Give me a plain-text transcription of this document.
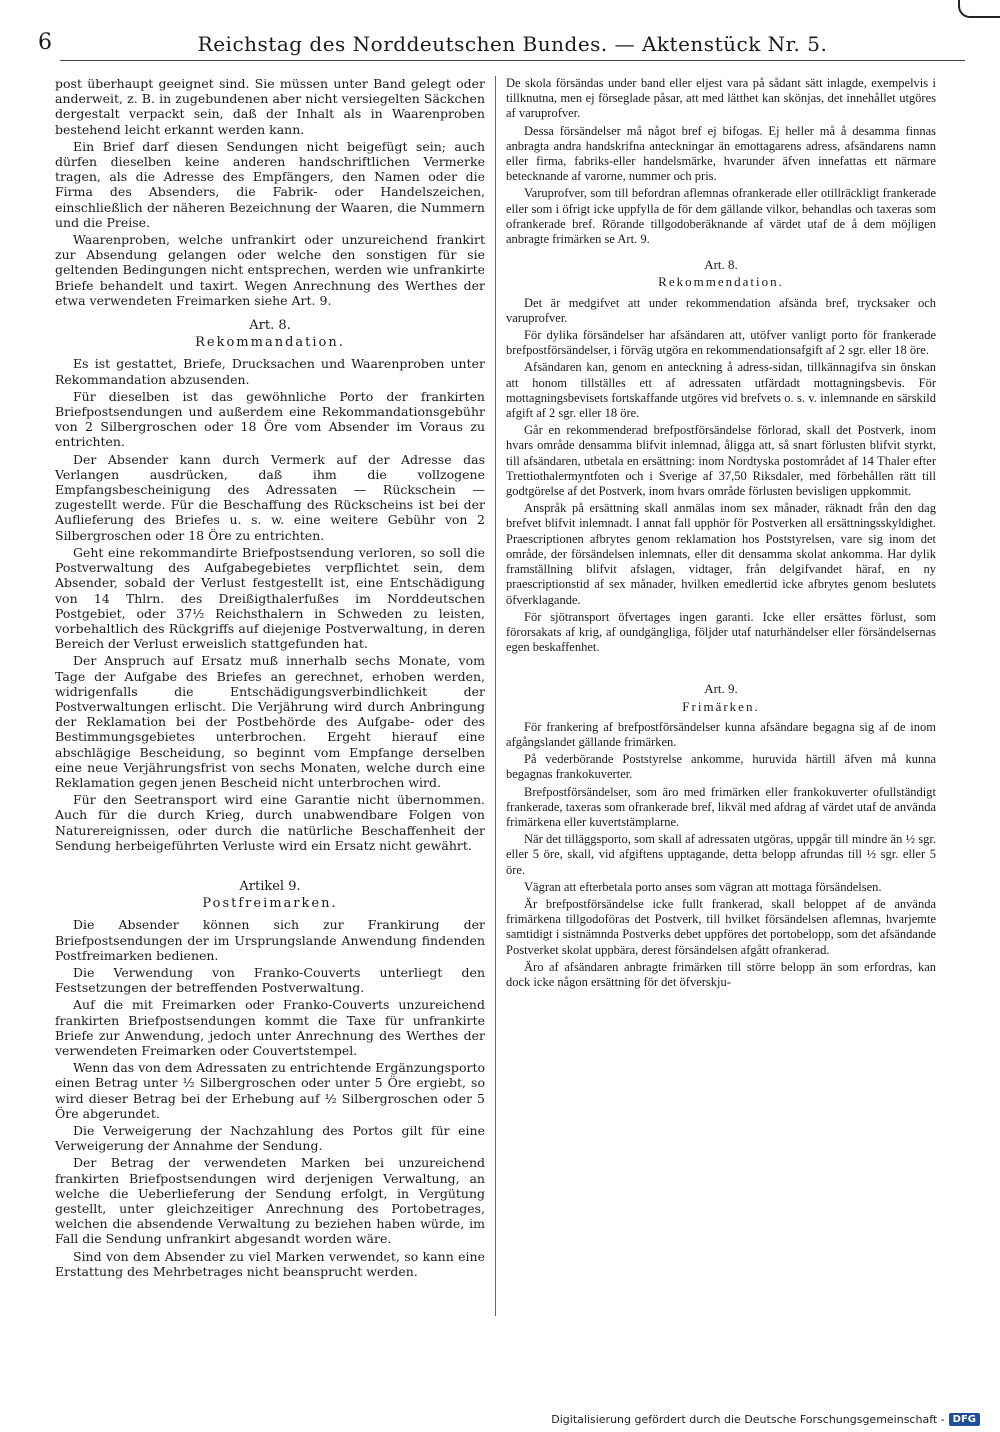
6	Reichstag des Norddeutschen Bundes. — Aktenstück Nr. 5.

post überhaupt geeignet sind. Sie müssen unter Band gelegt oder anderweit, z. B. in zugebundenen aber nicht versiegelten Säckchen dergestalt verpackt sein, daß der Inhalt als in Waarenproben bestehend leicht erkannt werden kann.

Ein Brief darf diesen Sendungen nicht beigefügt sein; auch dürfen dieselben keine anderen handschriftlichen Vermerke tragen, als die Adresse des Empfängers, den Namen oder die Firma des Absenders, die Fabrik- oder Handelszeichen, einschließlich der näheren Bezeichnung der Waaren, die Nummern und die Preise.

Waarenproben, welche unfrankirt oder unzureichend frankirt zur Absendung gelangen oder welche den sonstigen für sie geltenden Bedingungen nicht entsprechen, werden wie unfrankirte Briefe behandelt und taxirt. Wegen Anrechnung des Werthes der etwa verwendeten Freimarken siehe Art. 9.

Art. 8.
Rekommandation.

Es ist gestattet, Briefe, Drucksachen und Waarenproben unter Rekommandation abzusenden.

Für dieselben ist das gewöhnliche Porto der frankirten Briefpostsendungen und außerdem eine Rekommandationsgebühr von 2 Silbergroschen oder 18 Öre vom Absender im Voraus zu entrichten.

Der Absender kann durch Vermerk auf der Adresse das Verlangen ausdrücken, daß ihm die vollzogene Empfangsbescheinigung des Adressaten — Rückschein — zugestellt werde. Für die Beschaffung des Rückscheins ist bei der Auflieferung des Briefes u. s. w. eine weitere Gebühr von 2 Silbergroschen oder 18 Öre zu entrichten.

Geht eine rekommandirte Briefpostsendung verloren, so soll die Postverwaltung des Aufgabegebietes verpflichtet sein, dem Absender, sobald der Verlust festgestellt ist, eine Entschädigung von 14 Thlrn. des Dreißigthalerfußes im Norddeutschen Postgebiet, oder 37½ Reichsthalern in Schweden zu leisten, vorbehaltlich des Rückgriffs auf diejenige Postverwaltung, in deren Bereich der Verlust erweislich stattgefunden hat.

Der Anspruch auf Ersatz muß innerhalb sechs Monate, vom Tage der Aufgabe des Briefes an gerechnet, erhoben werden, widrigenfalls die Entschädigungsverbindlichkeit der Postverwaltungen erlischt. Die Verjährung wird durch Anbringung der Reklamation bei der Postbehörde des Aufgabe- oder des Bestimmungsgebietes unterbrochen. Ergeht hierauf eine abschlägige Bescheidung, so beginnt vom Empfange derselben eine neue Verjährungsfrist von sechs Monaten, welche durch eine Reklamation gegen jenen Bescheid nicht unterbrochen wird.

Für den Seetransport wird eine Garantie nicht übernommen. Auch für die durch Krieg, durch unabwendbare Folgen von Naturereignissen, oder durch die natürliche Beschaffenheit der Sendung herbeigeführten Verluste wird ein Ersatz nicht gewährt.

Artikel 9.
Postfreimarken.

Die Absender können sich zur Frankirung der Briefpostsendungen der im Ursprungslande Anwendung findenden Postfreimarken bedienen.

Die Verwendung von Franko-Couverts unterliegt den Festsetzungen der betreffenden Postverwaltung.

Auf die mit Freimarken oder Franko-Couverts unzureichend frankirten Briefpostsendungen kommt die Taxe für unfrankirte Briefe zur Anwendung, jedoch unter Anrechnung des Werthes der verwendeten Freimarken oder Couvertstempel.

Wenn das von dem Adressaten zu entrichtende Ergänzungsporto einen Betrag unter ½ Silbergroschen oder unter 5 Öre ergiebt, so wird dieser Betrag bei der Erhebung auf ½ Silbergroschen oder 5 Öre abgerundet.

Die Verweigerung der Nachzahlung des Portos gilt für eine Verweigerung der Annahme der Sendung.

Der Betrag der verwendeten Marken bei unzureichend frankirten Briefpostsendungen wird derjenigen Verwaltung, an welche die Ueberlieferung der Sendung erfolgt, in Vergütung gestellt, unter gleichzeitiger Anrechnung des Portobetrages, welchen die absendende Verwaltung zu beziehen haben würde, im Fall die Sendung unfrankirt abgesandt worden wäre.

Sind von dem Absender zu viel Marken verwendet, so kann eine Erstattung des Mehrbetrages nicht beansprucht werden.

De skola försändas under band eller eljest vara på sådant sätt inlagde, exempelvis i tillknutna, men ej förseglade påsar, att med lätthet kan skönjas, det innehållet utgöres af varuprofver.

Dessa försändelser må något bref ej bifogas. Ej heller må å desamma finnas anbragta andra handskrifna anteckningar än emottagarens adress, afsändarens namn eller firma, fabriks-eller handelsmärke, hvarunder äfven innefattas ett närmare betecknande af varorne, nummer och pris.

Varuprofver, som till befordran aflemnas ofrankerade eller otillräckligt frankerade eller som i öfrigt icke uppfylla de för dem gällande vilkor, behandlas och taxeras som ofrankerade bref. Rörande tillgodoberäknande af värdet utaf de å dem möjligen anbragte frimärken se Art. 9.

Art. 8.
Rekommendation.

Det är medgifvet att under rekommendation afsända bref, trycksaker och varuprofver.

För dylika försändelser har afsändaren att, utöfver vanligt porto för frankerade brefpostförsändelser, i förväg utgöra en rekommendationsafgift af 2 sgr. eller 18 öre.

Afsändaren kan, genom en anteckning å adress-sidan, tillkännagifva sin önskan att honom tillställes ett af adressaten utfärdadt mottagningsbevis. För mottagningsbevisets fortskaffande utgöres vid brefvets o. s. v. inlemnande en särskild afgift af 2 sgr. eller 18 öre.

Går en rekommenderad brefpostförsändelse förlorad, skall det Postverk, inom hvars område densamma blifvit inlemnad, åligga att, så snart förlusten blifvit styrkt, till afsändaren, utbetala en ersättning: inom Nordtyska postområdet af 14 Thaler efter Trettiothalermyntfoten och i Sverige af 37,50 Riksdaler, med förbehållen rätt till godtgörelse af det Postverk, inom hvars område förlusten bevisligen uppkommit.

Anspråk på ersättning skall anmälas inom sex månader, räknadt från den dag brefvet blifvit inlemnadt. I annat fall upphör för Postverken all ersättningsskyldighet. Praescriptionen afbrytes genom reklamation hos Poststyrelsen, vare sig inom det område, der försändelsen inlemnats, eller dit densamma skolat ankomma. Har dylik framställning blifvit afslagen, vidtager, från delgifvandet häraf, en ny praescriptionstid af sex månader, hvilken emedlertid icke afbrytes genom beslutets öfverklagande.

För sjötransport öfvertages ingen garanti. Icke eller ersättes förlust, som förorsakats af krig, af oundgängliga, följder utaf naturhändelser eller försändelsernas egen beskaffenhet.

Art. 9.
Frimärken.

För frankering af brefpostförsändelser kunna afsändare begagna sig af de inom afgångslandet gällande frimärken.

På vederbörande Poststyrelse ankomme, huruvida härtill äfven må kunna begagnas frankokuverter.

Brefpostförsändelser, som äro med frimärken eller frankokuverter ofullständigt frankerade, taxeras som ofrankerade bref, likväl med afdrag af värdet utaf de använda frimärkena eller kuvertstämplarne.

När det tilläggsporto, som skall af adressaten utgöras, uppgår till mindre än ½ sgr. eller 5 öre, skall, vid afgiftens upptagande, detta belopp afrundas till ½ sgr. eller 5 öre.

Vägran att efterbetala porto anses som vägran att mottaga försändelsen.

Är brefpostförsändelse icke fullt frankerad, skall beloppet af de använda frimärkena tillgodoföras det Postverk, till hvilket försändelsen aflemnas, hvarjemte samtidigt i sistnämnda Postverks debet uppföres det portobelopp, som det afsändande Postverket skolat uppbära, derest försändelsen afgått ofrankerad.

Äro af afsändaren anbragte frimärken till större belopp än som erfordras, kan dock icke någon ersättning för det öfverskju-

Digitalisierung gefördert durch die Deutsche Forschungsgemeinschaft - DFG
